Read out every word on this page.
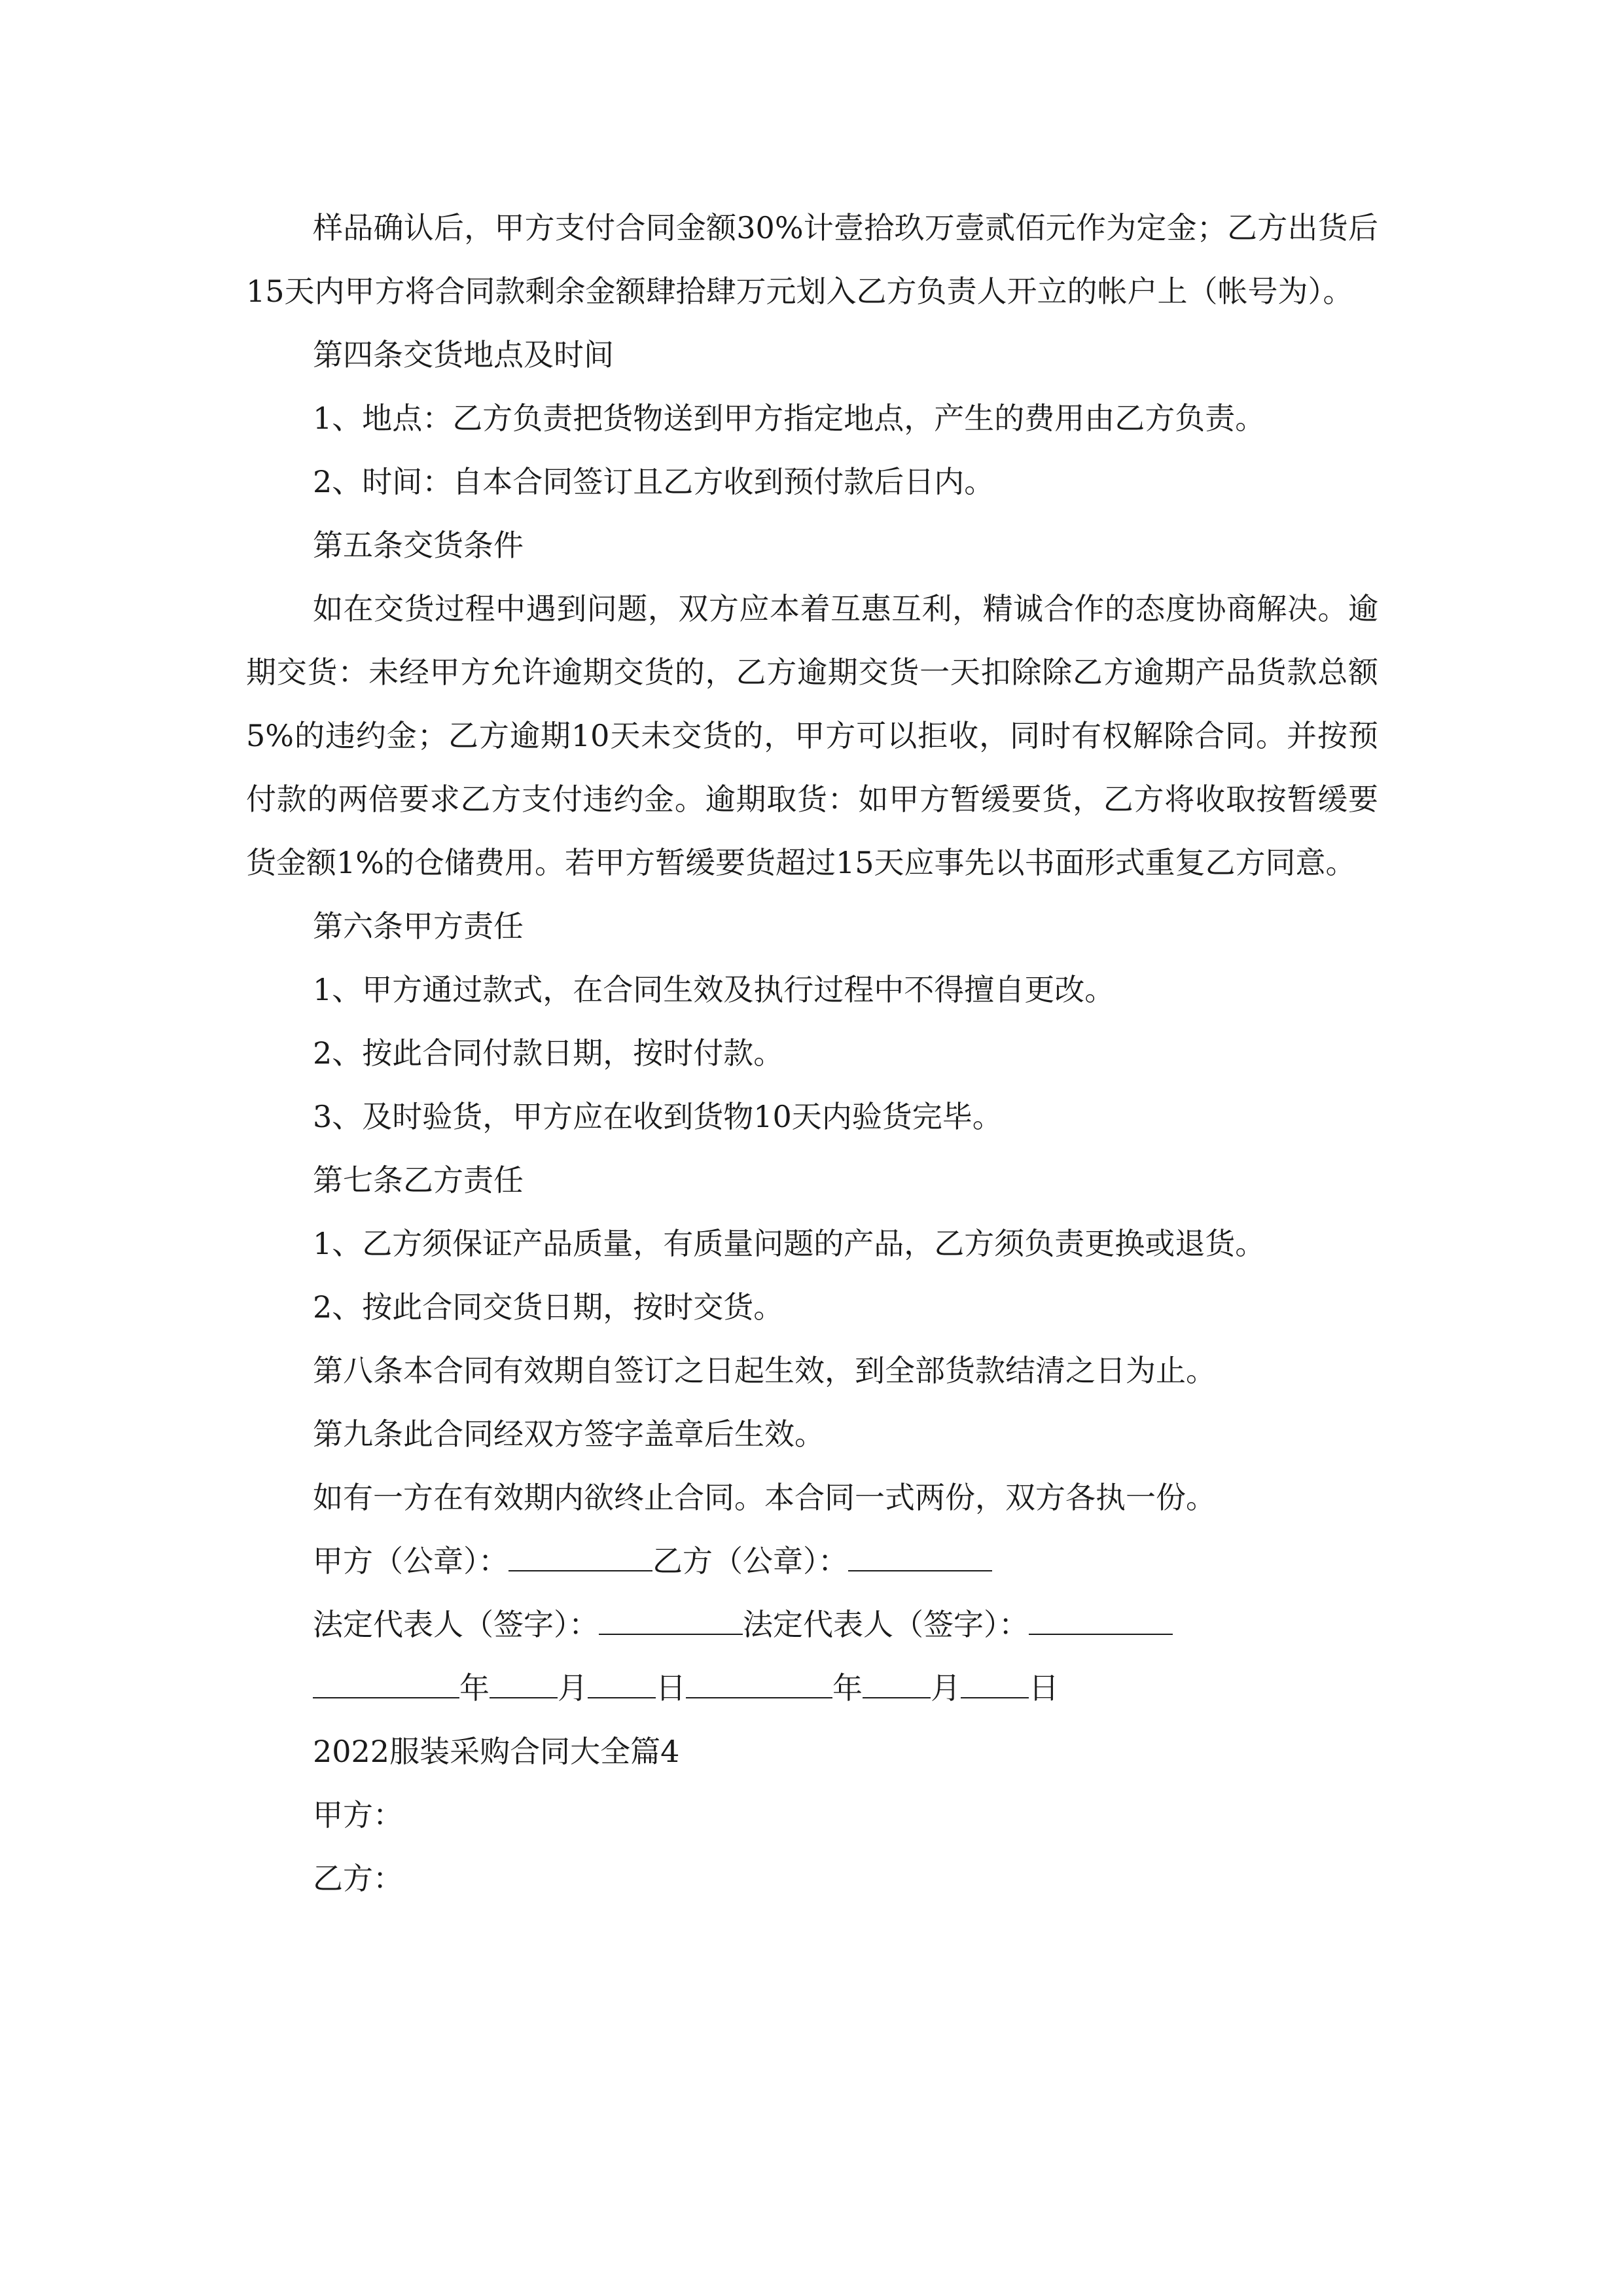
样品确认后，甲方支付合同金额30%计壹拾玖万壹贰佰元作为定金；乙方出货后15天内甲方将合同款剩余金额肆拾肆万元划入乙方负责人开立的帐户上（帐号为）。

第四条交货地点及时间

1、地点：乙方负责把货物送到甲方指定地点，产生的费用由乙方负责。

2、时间：自本合同签订且乙方收到预付款后日内。

第五条交货条件

如在交货过程中遇到问题，双方应本着互惠互利，精诚合作的态度协商解决。逾期交货：未经甲方允许逾期交货的，乙方逾期交货一天扣除除乙方逾期产品货款总额5%的违约金；乙方逾期10天未交货的，甲方可以拒收，同时有权解除合同。并按预付款的两倍要求乙方支付违约金。逾期取货：如甲方暂缓要货，乙方将收取按暂缓要货金额1%的仓储费用。若甲方暂缓要货超过15天应事先以书面形式重复乙方同意。

第六条甲方责任

1、甲方通过款式，在合同生效及执行过程中不得擅自更改。

2、按此合同付款日期，按时付款。

3、及时验货，甲方应在收到货物10天内验货完毕。

第七条乙方责任

1、乙方须保证产品质量，有质量问题的产品，乙方须负责更换或退货。

2、按此合同交货日期，按时交货。

第八条本合同有效期自签订之日起生效，到全部货款结清之日为止。

第九条此合同经双方签字盖章后生效。

如有一方在有效期内欲终止合同。本合同一式两份，双方各执一份。

甲方（公章）：	乙方（公章）：

法定代表人（签字）：	法定代表人（签字）：

年 月 日	年 月 日

2022服装采购合同大全篇4

甲方：

乙方：
